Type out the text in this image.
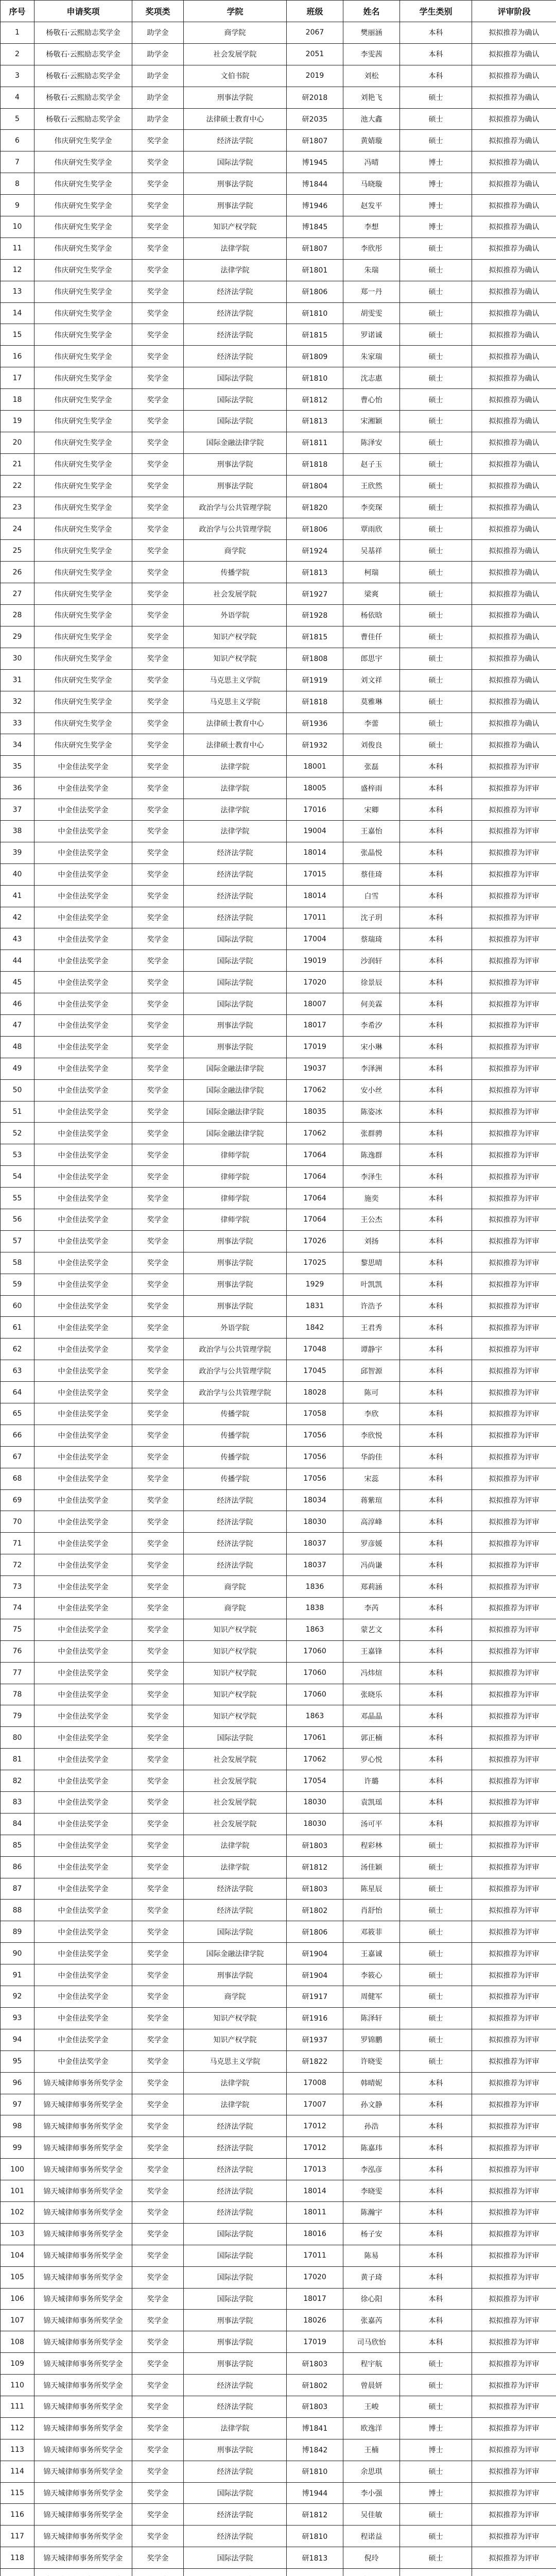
序号	申请奖项	奖项类	学院	班级	姓名	学生类别	评审阶段
1	杨敬石·云熙励志奖学金	助学金	商学院	2067	樊丽涵	本科	拟拟推荐为确认
2	杨敬石·云熙励志奖学金	助学金	社会发展学院	2051	李雯茜	本科	拟拟推荐为确认
3	杨敬石·云熙励志奖学金	助学金	文伯书院	2019	刘松	本科	拟拟推荐为确认
4	杨敬石·云熙励志奖学金	助学金	刑事法学院	研2018	刘艳飞	硕士	拟拟推荐为确认
5	杨敬石·云熙励志奖学金	助学金	法律硕士教育中心	研2035	池大鑫	硕士	拟拟推荐为确认
6	伟庆研究生奖学金	奖学金	经济法学院	研1807	黄婧璇	硕士	拟拟推荐为确认
7	伟庆研究生奖学金	奖学金	国际法学院	博1945	冯晴	博士	拟拟推荐为确认
8	伟庆研究生奖学金	奖学金	刑事法学院	博1844	马晓璇	博士	拟拟推荐为确认
9	伟庆研究生奖学金	奖学金	刑事法学院	博1946	赵发平	博士	拟拟推荐为确认
10	伟庆研究生奖学金	奖学金	知识产权学院	博1845	李想	博士	拟拟推荐为确认
11	伟庆研究生奖学金	奖学金	法律学院	研1807	李欣彤	硕士	拟拟推荐为确认
12	伟庆研究生奖学金	奖学金	法律学院	研1801	朱瑞	硕士	拟拟推荐为确认
13	伟庆研究生奖学金	奖学金	经济法学院	研1806	郑一丹	硕士	拟拟推荐为确认
14	伟庆研究生奖学金	奖学金	经济法学院	研1810	胡雯雯	硕士	拟拟推荐为确认
15	伟庆研究生奖学金	奖学金	经济法学院	研1815	罗诺诚	硕士	拟拟推荐为确认
16	伟庆研究生奖学金	奖学金	经济法学院	研1809	朱家瑞	硕士	拟拟推荐为确认
17	伟庆研究生奖学金	奖学金	国际法学院	研1810	沈志惠	硕士	拟拟推荐为确认
18	伟庆研究生奖学金	奖学金	国际法学院	研1812	曹心怡	硕士	拟拟推荐为确认
19	伟庆研究生奖学金	奖学金	国际法学院	研1813	宋湘颖	硕士	拟拟推荐为确认
20	伟庆研究生奖学金	奖学金	国际金融法律学院	研1811	陈泽安	硕士	拟拟推荐为确认
21	伟庆研究生奖学金	奖学金	刑事法学院	研1818	赵子玉	硕士	拟拟推荐为确认
22	伟庆研究生奖学金	奖学金	刑事法学院	研1804	王欣然	硕士	拟拟推荐为确认
23	伟庆研究生奖学金	奖学金	政治学与公共管理学院	研1820	李奕琛	硕士	拟拟推荐为确认
24	伟庆研究生奖学金	奖学金	政治学与公共管理学院	研1806	覃雨欣	硕士	拟拟推荐为确认
25	伟庆研究生奖学金	奖学金	商学院	研1924	吴基祥	硕士	拟拟推荐为确认
26	伟庆研究生奖学金	奖学金	传播学院	研1813	柯瑞	硕士	拟拟推荐为确认
27	伟庆研究生奖学金	奖学金	社会发展学院	研1927	梁爽	硕士	拟拟推荐为确认
28	伟庆研究生奖学金	奖学金	外语学院	研1928	杨依晗	硕士	拟拟推荐为确认
29	伟庆研究生奖学金	奖学金	知识产权学院	研1815	曹佳仟	硕士	拟拟推荐为确认
30	伟庆研究生奖学金	奖学金	知识产权学院	研1808	郎思宇	硕士	拟拟推荐为确认
31	伟庆研究生奖学金	奖学金	马克思主义学院	研1919	刘文祥	硕士	拟拟推荐为确认
32	伟庆研究生奖学金	奖学金	马克思主义学院	研1818	莫雅琳	硕士	拟拟推荐为确认
33	伟庆研究生奖学金	奖学金	法律硕士教育中心	研1936	李蕾	硕士	拟拟推荐为确认
34	伟庆研究生奖学金	奖学金	法律硕士教育中心	研1932	刘俊良	硕士	拟拟推荐为确认
35	中金佳法奖学金	奖学金	法律学院	18001	张磊	本科	拟拟推荐为评审
36	中金佳法奖学金	奖学金	法律学院	18005	盛梓雨	本科	拟拟推荐为评审
37	中金佳法奖学金	奖学金	法律学院	17016	宋卿	本科	拟拟推荐为评审
38	中金佳法奖学金	奖学金	法律学院	19004	王嘉怡	本科	拟拟推荐为评审
39	中金佳法奖学金	奖学金	经济法学院	18014	张晶悦	本科	拟拟推荐为评审
40	中金佳法奖学金	奖学金	经济法学院	17015	蔡佳琦	本科	拟拟推荐为评审
41	中金佳法奖学金	奖学金	经济法学院	18014	白雪	本科	拟拟推荐为评审
42	中金佳法奖学金	奖学金	经济法学院	17011	沈子玥	本科	拟拟推荐为评审
43	中金佳法奖学金	奖学金	国际法学院	17004	蔡瑞琦	本科	拟拟推荐为评审
44	中金佳法奖学金	奖学金	国际法学院	19019	沙润轩	本科	拟拟推荐为评审
45	中金佳法奖学金	奖学金	国际法学院	17020	徐景辰	本科	拟拟推荐为评审
46	中金佳法奖学金	奖学金	国际法学院	18007	何美霖	本科	拟拟推荐为评审
47	中金佳法奖学金	奖学金	刑事法学院	18017	李希汐	本科	拟拟推荐为评审
48	中金佳法奖学金	奖学金	刑事法学院	17019	宋小琳	本科	拟拟推荐为评审
49	中金佳法奖学金	奖学金	国际金融法律学院	19037	李泽洲	本科	拟拟推荐为评审
50	中金佳法奖学金	奖学金	国际金融法律学院	17062	安小丝	本科	拟拟推荐为评审
51	中金佳法奖学金	奖学金	国际金融法律学院	18035	陈姿冰	本科	拟拟推荐为评审
52	中金佳法奖学金	奖学金	国际金融法律学院	17062	张群骋	本科	拟拟推荐为评审
53	中金佳法奖学金	奖学金	律师学院	17064	陈逸群	本科	拟拟推荐为评审
54	中金佳法奖学金	奖学金	律师学院	17064	李泽生	本科	拟拟推荐为评审
55	中金佳法奖学金	奖学金	律师学院	17064	施奕	本科	拟拟推荐为评审
56	中金佳法奖学金	奖学金	律师学院	17064	王公杰	本科	拟拟推荐为评审
57	中金佳法奖学金	奖学金	刑事法学院	17026	刘扬	本科	拟拟推荐为评审
58	中金佳法奖学金	奖学金	刑事法学院	17025	黎思晴	本科	拟拟推荐为评审
59	中金佳法奖学金	奖学金	刑事法学院	1929	叶凯凯	本科	拟拟推荐为评审
60	中金佳法奖学金	奖学金	刑事法学院	1831	许浩予	本科	拟拟推荐为评审
61	中金佳法奖学金	奖学金	外语学院	1842	王君秀	本科	拟拟推荐为评审
62	中金佳法奖学金	奖学金	政治学与公共管理学院	17048	谭静宇	本科	拟拟推荐为评审
63	中金佳法奖学金	奖学金	政治学与公共管理学院	17045	邱智源	本科	拟拟推荐为评审
64	中金佳法奖学金	奖学金	政治学与公共管理学院	18028	陈可	本科	拟拟推荐为评审
65	中金佳法奖学金	奖学金	传播学院	17058	李欣	本科	拟拟推荐为评审
66	中金佳法奖学金	奖学金	传播学院	17056	李欣悦	本科	拟拟推荐为评审
67	中金佳法奖学金	奖学金	传播学院	17056	华韵佳	本科	拟拟推荐为评审
68	中金佳法奖学金	奖学金	传播学院	17056	宋蕊	本科	拟拟推荐为评审
69	中金佳法奖学金	奖学金	经济法学院	18034	蒋紫瑄	本科	拟拟推荐为评审
70	中金佳法奖学金	奖学金	经济法学院	18030	高淳峰	本科	拟拟推荐为评审
71	中金佳法奖学金	奖学金	经济法学院	18037	罗彦媛	本科	拟拟推荐为评审
72	中金佳法奖学金	奖学金	经济法学院	18037	冯尚谦	本科	拟拟推荐为评审
73	中金佳法奖学金	奖学金	商学院	1836	郑莉涵	本科	拟拟推荐为评审
74	中金佳法奖学金	奖学金	商学院	1838	李芮	本科	拟拟推荐为评审
75	中金佳法奖学金	奖学金	知识产权学院	1863	蒙艺文	本科	拟拟推荐为评审
76	中金佳法奖学金	奖学金	知识产权学院	17060	王嘉锋	本科	拟拟推荐为评审
77	中金佳法奖学金	奖学金	知识产权学院	17060	冯炜煊	本科	拟拟推荐为评审
78	中金佳法奖学金	奖学金	知识产权学院	17060	张晓乐	本科	拟拟推荐为评审
79	中金佳法奖学金	奖学金	知识产权学院	1863	邓晶晶	本科	拟拟推荐为评审
80	中金佳法奖学金	奖学金	国际法学院	17061	郭正楠	本科	拟拟推荐为评审
81	中金佳法奖学金	奖学金	社会发展学院	17062	罗心悦	本科	拟拟推荐为评审
82	中金佳法奖学金	奖学金	社会发展学院	17054	许璐	本科	拟拟推荐为评审
83	中金佳法奖学金	奖学金	社会发展学院	18030	袁凯瑶	本科	拟拟推荐为评审
84	中金佳法奖学金	奖学金	社会发展学院	18030	汤可平	本科	拟拟推荐为评审
85	中金佳法奖学金	奖学金	法律学院	研1803	程彩林	硕士	拟拟推荐为评审
86	中金佳法奖学金	奖学金	法律学院	研1812	汤佳颖	硕士	拟拟推荐为评审
87	中金佳法奖学金	奖学金	经济法学院	研1803	陈星辰	硕士	拟拟推荐为评审
88	中金佳法奖学金	奖学金	经济法学院	研1802	肖舒怡	硕士	拟拟推荐为评审
89	中金佳法奖学金	奖学金	国际法学院	研1806	邓筱菲	硕士	拟拟推荐为评审
90	中金佳法奖学金	奖学金	国际金融法律学院	研1904	王嘉诚	硕士	拟拟推荐为评审
91	中金佳法奖学金	奖学金	刑事法学院	研1904	李筱心	硕士	拟拟推荐为评审
92	中金佳法奖学金	奖学金	商学院	研1917	周健军	硕士	拟拟推荐为评审
93	中金佳法奖学金	奖学金	知识产权学院	研1916	陈泽轩	硕士	拟拟推荐为评审
94	中金佳法奖学金	奖学金	知识产权学院	研1937	罗锦鹏	硕士	拟拟推荐为评审
95	中金佳法奖学金	奖学金	马克思主义学院	研1822	许晓雯	硕士	拟拟推荐为评审
96	锦天城律师事务所奖学金	奖学金	法律学院	17008	韩晴妮	本科	拟拟推荐为评审
97	锦天城律师事务所奖学金	奖学金	法律学院	17007	孙文静	本科	拟拟推荐为评审
98	锦天城律师事务所奖学金	奖学金	经济法学院	17012	孙浩	本科	拟拟推荐为评审
99	锦天城律师事务所奖学金	奖学金	经济法学院	17012	陈嘉玮	本科	拟拟推荐为评审
100	锦天城律师事务所奖学金	奖学金	经济法学院	17013	李泓彦	本科	拟拟推荐为评审
101	锦天城律师事务所奖学金	奖学金	经济法学院	18014	李晓雯	本科	拟拟推荐为评审
102	锦天城律师事务所奖学金	奖学金	经济法学院	18011	陈瀚宇	本科	拟拟推荐为评审
103	锦天城律师事务所奖学金	奖学金	国际法学院	18016	杨子安	本科	拟拟推荐为评审
104	锦天城律师事务所奖学金	奖学金	国际法学院	17011	陈易	本科	拟拟推荐为评审
105	锦天城律师事务所奖学金	奖学金	国际法学院	17020	黄子琦	本科	拟拟推荐为评审
106	锦天城律师事务所奖学金	奖学金	国际法学院	18017	徐心阳	本科	拟拟推荐为评审
107	锦天城律师事务所奖学金	奖学金	刑事法学院	18026	张嘉芮	本科	拟拟推荐为评审
108	锦天城律师事务所奖学金	奖学金	刑事法学院	17019	司马欣怡	本科	拟拟推荐为评审
109	锦天城律师事务所奖学金	奖学金	刑事法学院	研1803	程宇航	硕士	拟拟推荐为评审
110	锦天城律师事务所奖学金	奖学金	经济法学院	研1802	曾晨妍	硕士	拟拟推荐为评审
111	锦天城律师事务所奖学金	奖学金	经济法学院	研1803	王峻	硕士	拟拟推荐为评审
112	锦天城律师事务所奖学金	奖学金	法律学院	博1841	欧逸洋	博士	拟拟推荐为评审
113	锦天城律师事务所奖学金	奖学金	刑事法学院	博1842	王楠	博士	拟拟推荐为评审
114	锦天城律师事务所奖学金	奖学金	经济法学院	研1810	余思琪	硕士	拟拟推荐为评审
115	锦天城律师事务所奖学金	奖学金	国际法学院	博1944	李小强	博士	拟拟推荐为评审
116	锦天城律师事务所奖学金	奖学金	经济法学院	研1812	吴佳敏	硕士	拟拟推荐为评审
117	锦天城律师事务所奖学金	奖学金	经济法学院	研1810	程诺益	硕士	拟拟推荐为评审
118	锦天城律师事务所奖学金	奖学金	国际法学院	研1813	倪玲	硕士	拟拟推荐为评审
